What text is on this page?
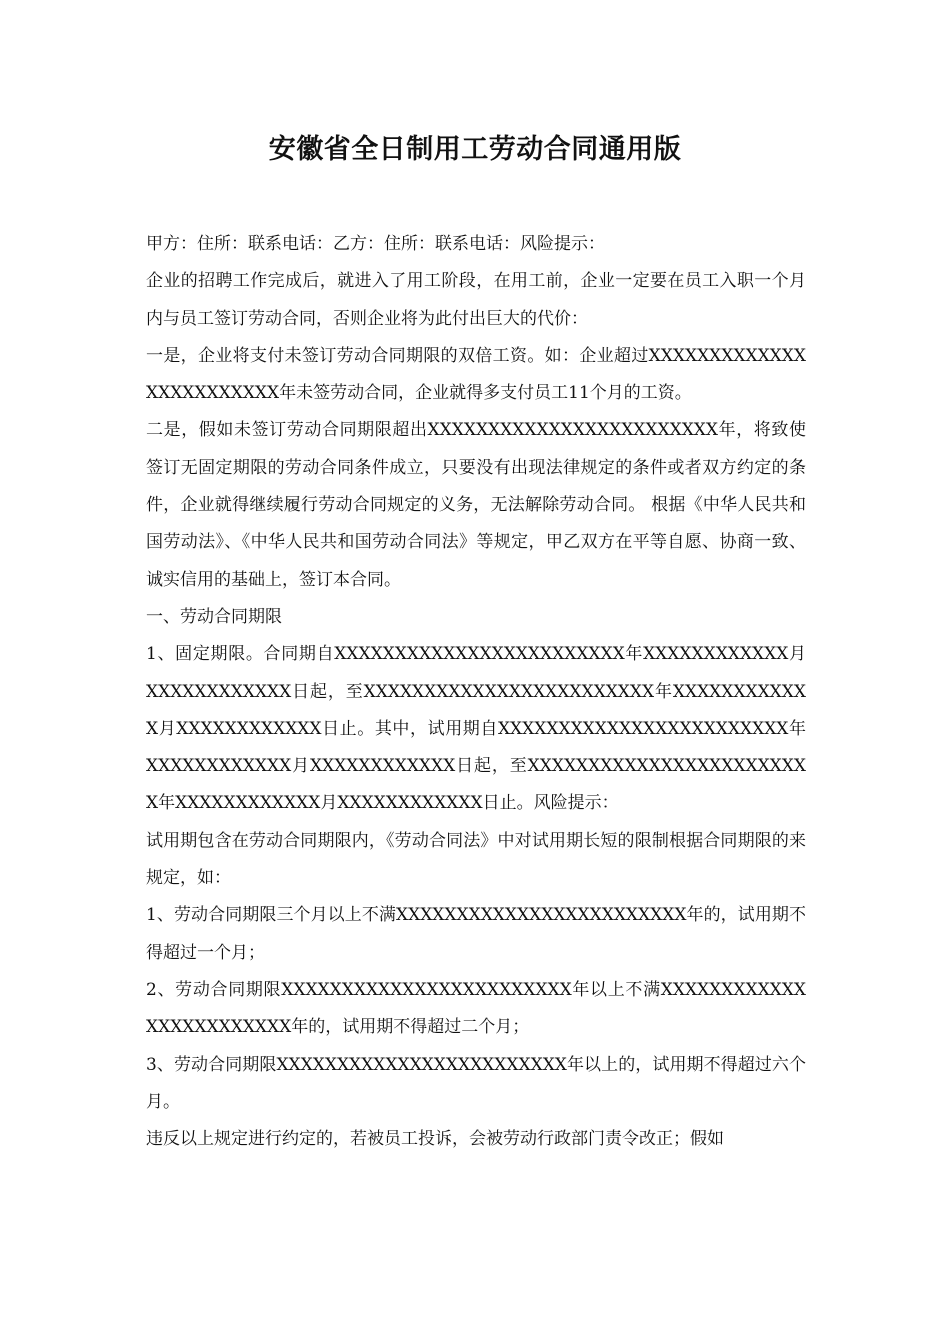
安徽省全日制用工劳动合同通用版

甲方：住所：联系电话：乙方：住所：联系电话：风险提示：

企业的招聘工作完成后，就进入了用工阶段，在用工前，企业一定要在员工入职一个月内与员工签订劳动合同，否则企业将为此付出巨大的代价：

一是，企业将支付未签订劳动合同期限的双倍工资。如：企业超过XXXXXXXXXXXXXXXXXXXXXXXX年未签劳动合同，企业就得多支付员工11个月的工资。

二是，假如未签订劳动合同期限超出XXXXXXXXXXXXXXXXXXXXXXXX年，将致使签订无固定期限的劳动合同条件成立，只要没有出现法律规定的条件或者双方约定的条件，企业就得继续履行劳动合同规定的义务，无法解除劳动合同。 根据《中华人民共和国劳动法》、《中华人民共和国劳动合同法》等规定，甲乙双方在平等自愿、协商一致、诚实信用的基础上，签订本合同。

一、劳动合同期限

1、固定期限。合同期自XXXXXXXXXXXXXXXXXXXXXXXX年XXXXXXXXXXXX月XXXXXXXXXXXX日起，至XXXXXXXXXXXXXXXXXXXXXXXX年XXXXXXXXXXXX月XXXXXXXXXXXX日止。其中，试用期自XXXXXXXXXXXXXXXXXXXXXXXX年XXXXXXXXXXXX月XXXXXXXXXXXX日起，至XXXXXXXXXXXXXXXXXXXXXXXX年XXXXXXXXXXXX月XXXXXXXXXXXX日止。风险提示：

试用期包含在劳动合同期限内，《劳动合同法》中对试用期长短的限制根据合同期限的来规定，如：

1、劳动合同期限三个月以上不满XXXXXXXXXXXXXXXXXXXXXXXX年的，试用期不得超过一个月；

2、劳动合同期限XXXXXXXXXXXXXXXXXXXXXXXX年以上不满XXXXXXXXXXXXXXXXXXXXXXXX年的，试用期不得超过二个月；

3、劳动合同期限XXXXXXXXXXXXXXXXXXXXXXXX年以上的，试用期不得超过六个月。

违反以上规定进行约定的，若被员工投诉，会被劳动行政部门责令改正；假如
